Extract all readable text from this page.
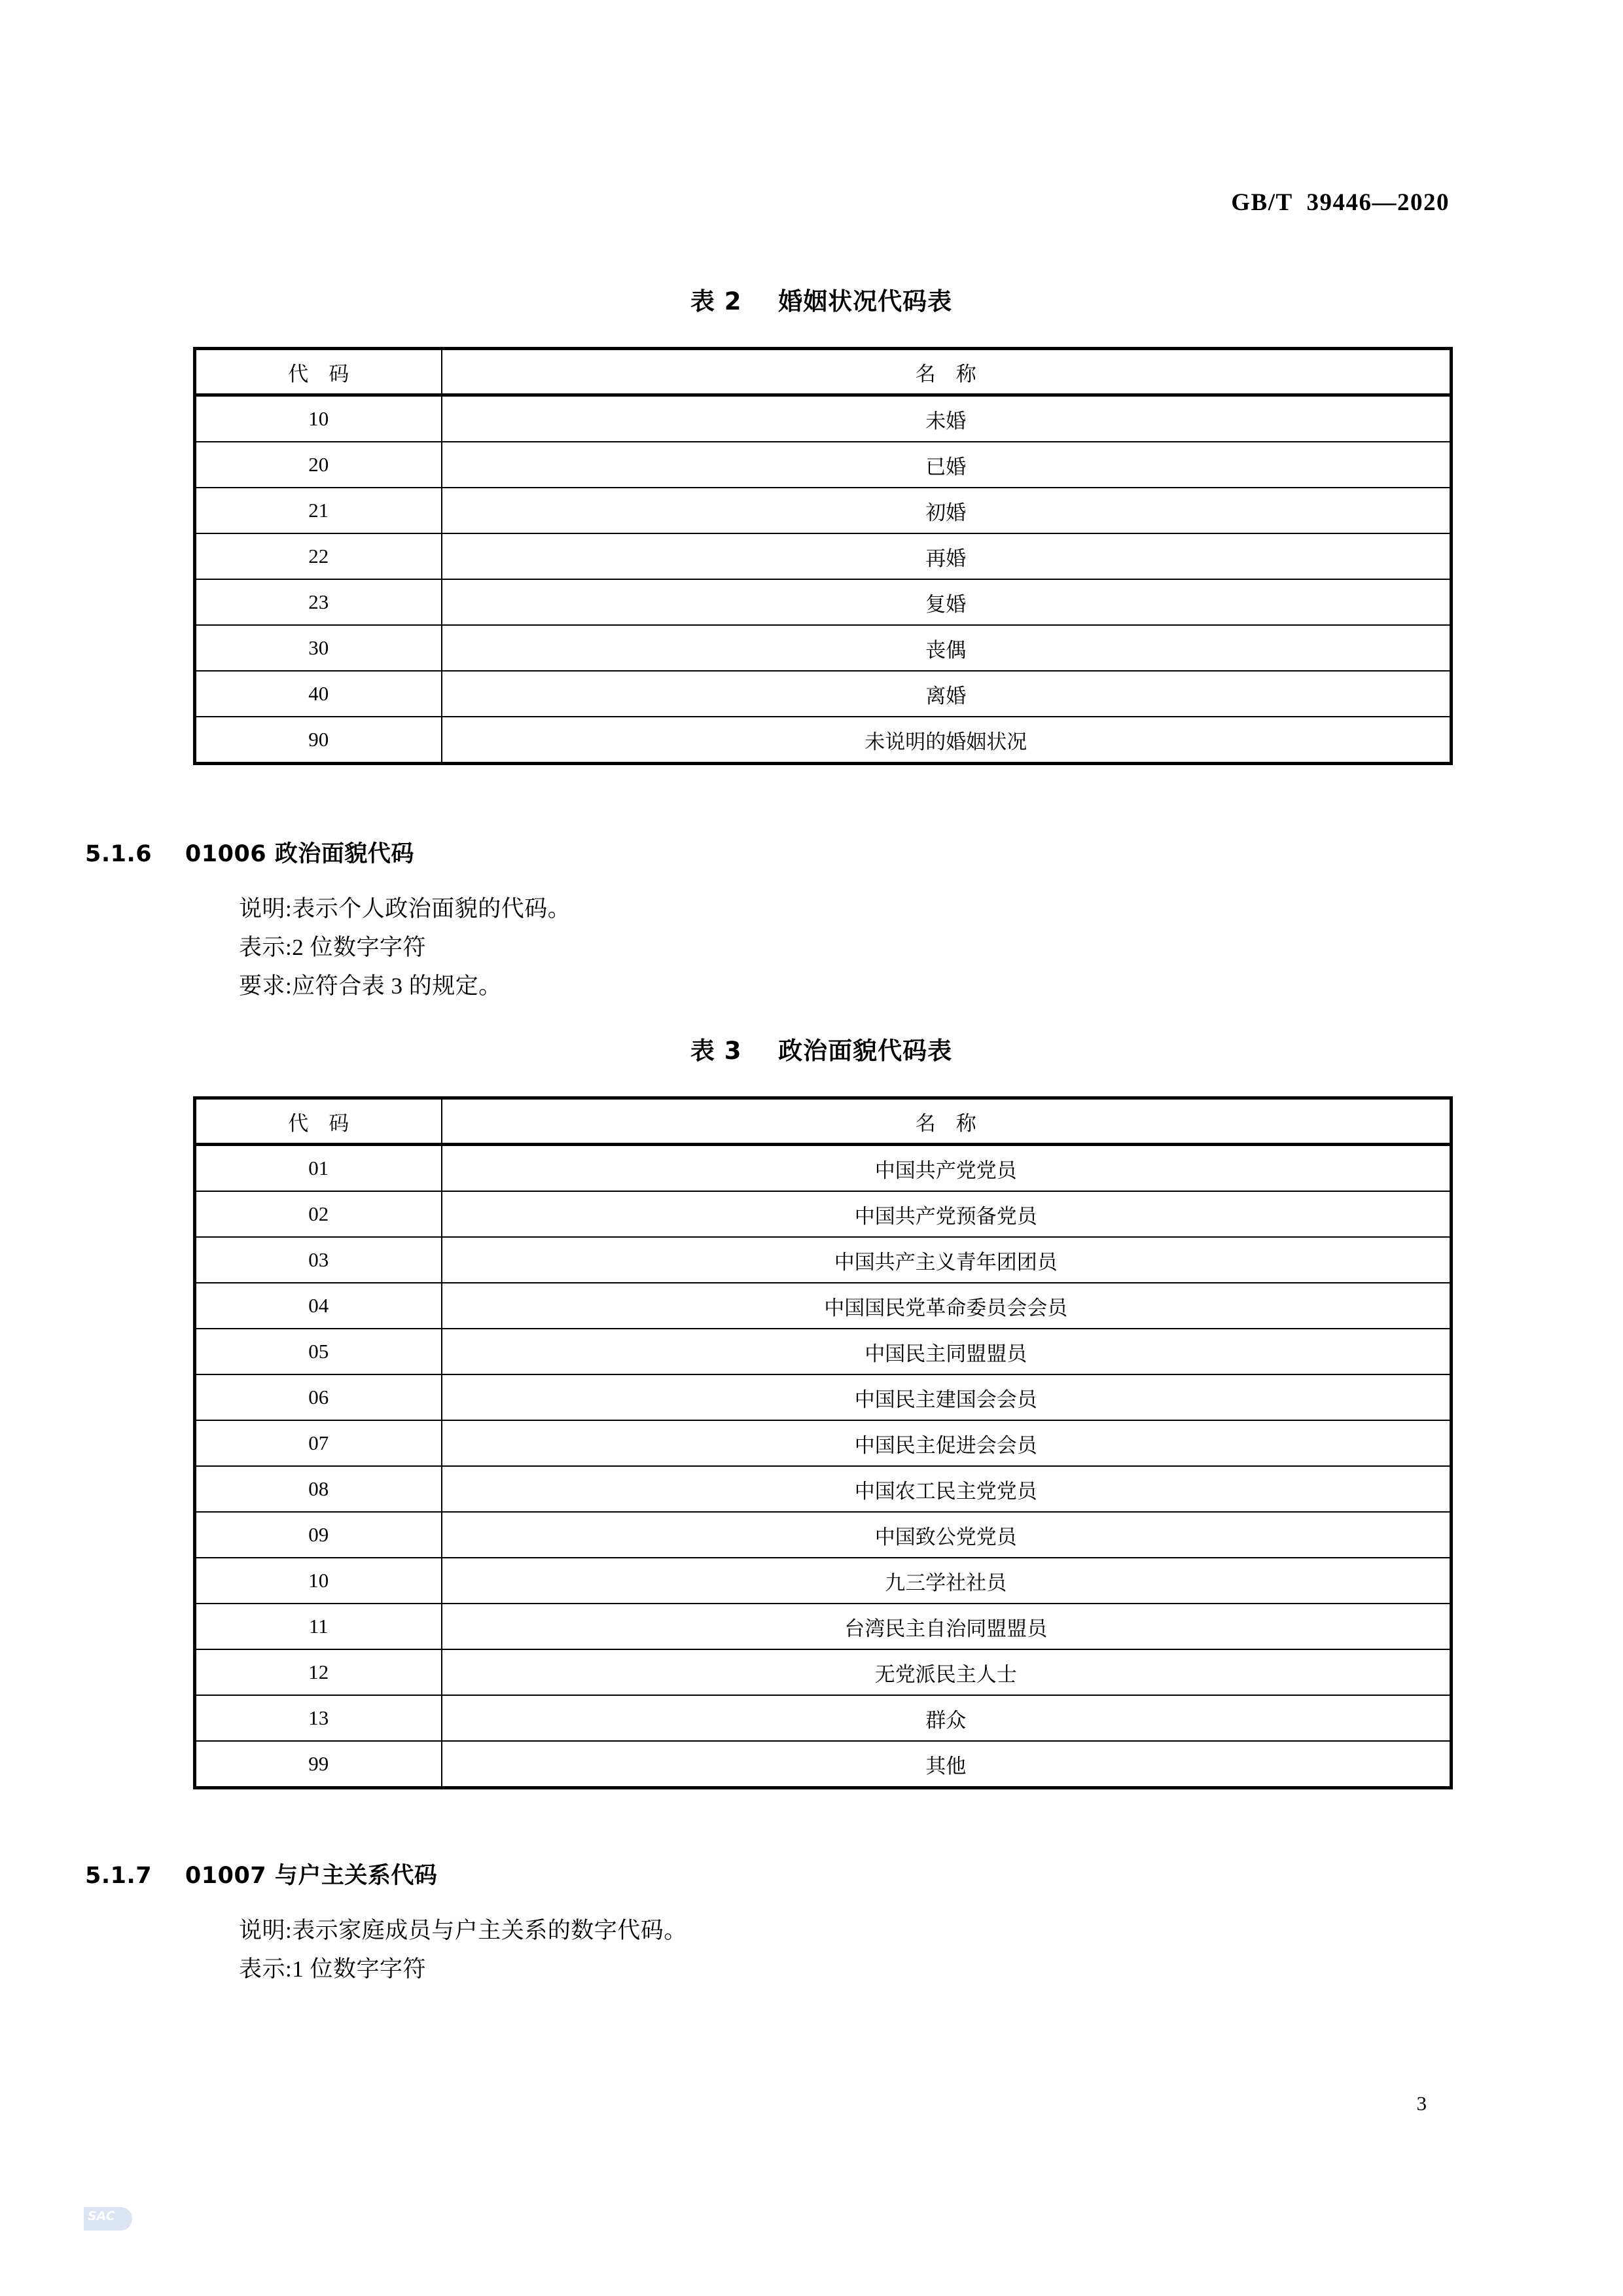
GB/T  39446—2020
表 2    婚姻状况代码表
代    码	名    称
10	未婚
20	已婚
21	初婚
22	再婚
23	复婚
30	丧偶
40	离婚
90	未说明的婚姻状况
5.1.6    01006 政治面貌代码
说明:表示个人政治面貌的代码。
表示:2 位数字字符
要求:应符合表 3 的规定。
表 3    政治面貌代码表
代    码	名    称
01	中国共产党党员
02	中国共产党预备党员
03	中国共产主义青年团团员
04	中国国民党革命委员会会员
05	中国民主同盟盟员
06	中国民主建国会会员
07	中国民主促进会会员
08	中国农工民主党党员
09	中国致公党党员
10	九三学社社员
11	台湾民主自治同盟盟员
12	无党派民主人士
13	群众
99	其他
5.1.7    01007 与户主关系代码
说明:表示家庭成员与户主关系的数字代码。
表示:1 位数字字符
3
SAC
